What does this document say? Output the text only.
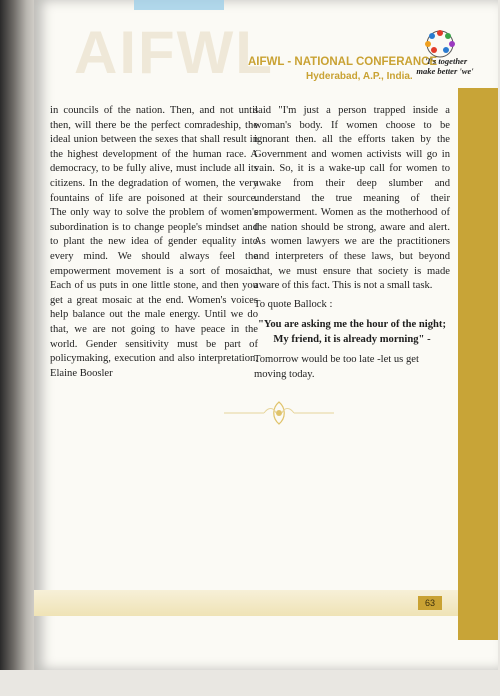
AIFWL
AIFWL - NATIONAL CONFERANCE
Hyderabad, A.P., India.
'I's together
make better 'we'

in councils of the nation. Then, and not until then, will there be the perfect comradeship, the ideal union between the sexes that shall result in the highest development of the human race. A democracy, to be fully alive, must include all its citizens. In the degradation of women, the very fountains of life are poisoned at their source. The only way to solve the problem of women's subordination is to change people's mindset and to plant the new idea of gender equality into every mind. We should always feel the empowerment movement is a sort of mosaic. Each of us puts in one little stone, and then you get a great mosaic at the end. Women's voices help balance out the male energy. Until we do that, we are not going to have peace in the world. Gender sensitivity must be part of policymaking, execution and also interpretation. Elaine Boosler

said "I'm just a person trapped inside a woman's body. If women choose to be ignorant then. all the efforts taken by the Government and women activists will go in vain. So, it is a wake-up call for women to awake from their deep slumber and understand the true meaning of their empowerment. Women as the motherhood of the nation should be strong, aware and alert. As women lawyers we are the practitioners and interpreters of these laws, but beyond that, we must ensure that society is made aware of this fact. This is not a small task.

To quote Ballock :

"You are asking me the hour of the night;
My friend, it is already morning" -

Tomorrow would be too late -let us get moving today.

63
